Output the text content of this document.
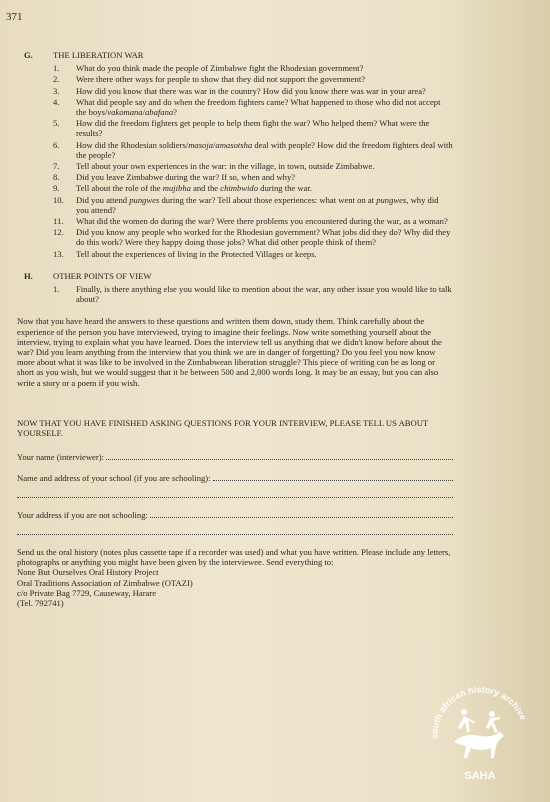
371
G.	THE LIBERATION WAR
1.	What do you think made the people of Zimbabwe fight the Rhodesian government?
2.	Were there other ways for people to show that they did not support the government?
3.	How did you know that there was war in the country? How did you know there was war in your area?
4.	What did people say and do when the freedom fighters came? What happened to those who did not accept the boys/vakomana/abafana?
5.	How did the freedom fighters get people to help them fight the war? Who helped them? What were the results?
6.	How did the Rhodesian soldiers/masoja/amasotsha deal with people? How did the freedom fighters deal with the people?
7.	Tell about your own experiences in the war: in the village, in town, outside Zimbabwe.
8.	Did you leave Zimbabwe during the war? If so, when and why?
9.	Tell about the role of the mujibha and the chimbwido during the war.
10.	Did you attend pungwes during the war? Tell about those experiences: what went on at pungwes, why did you attend?
11.	What did the women do during the war? Were there problems you encountered during the war, as a woman?
12.	Did you know any people who worked for the Rhodesian government? What jobs did they do? Why did they do this work? Were they happy doing those jobs? What did other people think of them?
13.	Tell about the experiences of living in the Protected Villages or keeps.
H.	OTHER POINTS OF VIEW
1.	Finally, is there anything else you would like to mention about the war, any other issue you would like to talk about?

Now that you have heard the answers to these questions and written them down, study them. Think carefully about the experience of the person you have interviewed, trying to imagine their feelings. Now write something yourself about the interview, trying to explain what you have learned. Does the interview tell us anything that we didn't know before about the war? Did you learn anything from the interview that you think we are in danger of forgetting? Do you feel you now know more about what it was like to be involved in the Zimbabwean liberation struggle? This piece of writing can be as long or short as you wish, but we would suggest that it be between 500 and 2,000 words long. It may be an essay, but you can also write a story or a poem if you wish.

NOW THAT YOU HAVE FINISHED ASKING QUESTIONS FOR YOUR INTERVIEW, PLEASE TELL US ABOUT YOURSELF.

Your name (interviewer):
Name and address of your school (if you are schooling):
Your address if you are not schooling:
Send us the oral history (notes plus cassette tape if a recorder was used) and what you have written. Please include any letters, photographs or anything you might have been given by the interviewee. Send everything to:
None But Ourselves Oral History Project
Oral Traditions Association of Zimbabwe (OTAZI)
c/o Private Bag 7729, Causeway, Harare
(Tel. 792741)
south african history archive
SAHA
